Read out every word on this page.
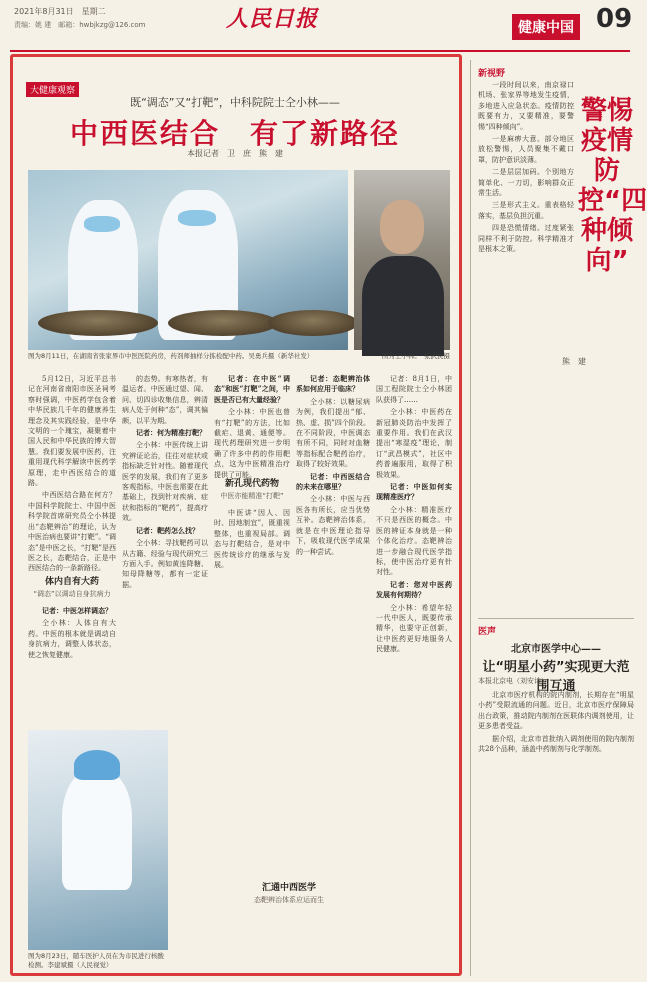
2021年8月31日　星期二
责编：姚 建　邮箱：hwbjkzg@126.com	人民日报	健康中国 09
大健康观察
既“调态”又“打靶”，中科院院士仝小林——
中西医结合　有了新路径
本报记者　卫　庶　熊　建
图为8月11日，在湖南省张家界市中医医院药房，药剂师抽样分拣检配中药。吴勇兵摄（新华社发）	图为仝小林。　张武民摄

5月12日，习近平总书记在河南省南阳市医圣祠考察时强调，中医药学包含着中华民族几千年的健康养生理念及其实践经验，是中华文明的一个瑰宝，凝聚着中国人民和中华民族的博大智慧。我们要发展中医药，注重用现代科学解读中医药学原理，走中西医结合的道路。

中西医结合路在何方？中国科学院院士、中国中医科学院首席研究员仝小林提出“态靶辨治”的理论，认为中医治病也要讲“打靶”。“调态”是中医之长，“打靶”是西医之长，态靶结合，正是中西医结合的一条新路径。

体内自有大药
“调态”以调动自身抗病力

记者：中医怎样调态？

仝小林：人体自有大药。中医的根本就是调动自身抗病力，调整人体状态，使之恢复健康。

的态势。有寒热者，有温运者。中医通过望、闻、问、切四诊收集信息，辨清病人处于何种“态”，调其偏颇，以平为期。

记者：何为精准打靶？

仝小林：中医传统上讲究辨证论治，往往对症状或指标缺乏针对性。随着现代医学的发展，我们有了更多客观指标，中医也需要在此基础上，找到针对疾病、症状和指标的“靶药”，提高疗效。

记者：靶药怎么找？

仝小林：寻找靶药可以从古籍、经验与现代研究三方面入手。例如黄连降糖、知母降糖等，都有一定证据。

记者：在中医“调态”和医“打靶”之间，中医是否已有大量经验？

仝小林：中医也曾有“打靶”的方法，比如截疟、退黄、通便等。现代药理研究进一步明确了许多中药的作用靶点，这为中医精准治疗提供了可能。

新孔现代药物
中医亦能精准“打靶”

中医讲“因人、因时、因地制宜”，既重视整体，也重视局部。调态与打靶结合，是对中医传统诊疗的继承与发展。

记者：态靶辨治体系如何应用于临床？

仝小林：以糖尿病为例，我们提出“郁、热、虚、损”四个阶段。在不同阶段，中医调态有所不同，同时对血糖等指标配合靶药治疗，取得了较好效果。

记者：中西医结合的未来在哪里？

仝小林：中医与西医各有所长，应当优势互补。态靶辨治体系，就是在中医理论指导下，吸收现代医学成果的一种尝试。

记者：8月1日，中国工程院院士仝小林团队获得了……

仝小林：中医药在新冠肺炎防治中发挥了重要作用。我们在武汉提出“寒湿疫”理论，制订“武昌模式”，社区中药普遍服用，取得了积极效果。

记者：中医如何实现精准医疗？

仝小林：精准医疗不只是西医的概念。中医的辨证本身就是一种个体化治疗。态靶辨治进一步融合现代医学指标，使中医治疗更有针对性。

记者：您对中医药发展有何期待？

仝小林：希望年轻一代中医人，既要传承精华，也要守正创新，让中医药更好地服务人民健康。

图为8月23日，随车医护人员在为市民进行核酸检测。李建斌摄（人民视觉）
汇通中西医学
态靶辨治体系应运而生
新视野
警惕疫情防控“四种倾向”

一段时间以来，南京禄口机场、张家界等地发生疫情，多地进入应急状态。疫情防控既要有力，又要精准，要警惕“四种倾向”。

一是麻痹大意。部分地区放松警惕，人员聚集不戴口罩，防护意识淡薄。

二是层层加码。个别地方简单化、一刀切，影响群众正常生活。

三是形式主义。重表格轻落实，基层负担沉重。

四是恐慌情绪。过度紧张同样不利于防控。科学精准才是根本之策。

熊　建
医声
北京市医学中心——
让“明星小药”实现更大范围互通
本报北京电（刘安诗）

北京市医疗机构的院内制剂，长期存在“明星小药”受限流通的问题。近日，北京市医疗保障局出台政策，推动院内制剂在医联体内调剂使用，让更多患者受益。

据介绍，北京市首批纳入调剂使用的院内制剂共28个品种，涵盖中药制剂与化学制剂。
